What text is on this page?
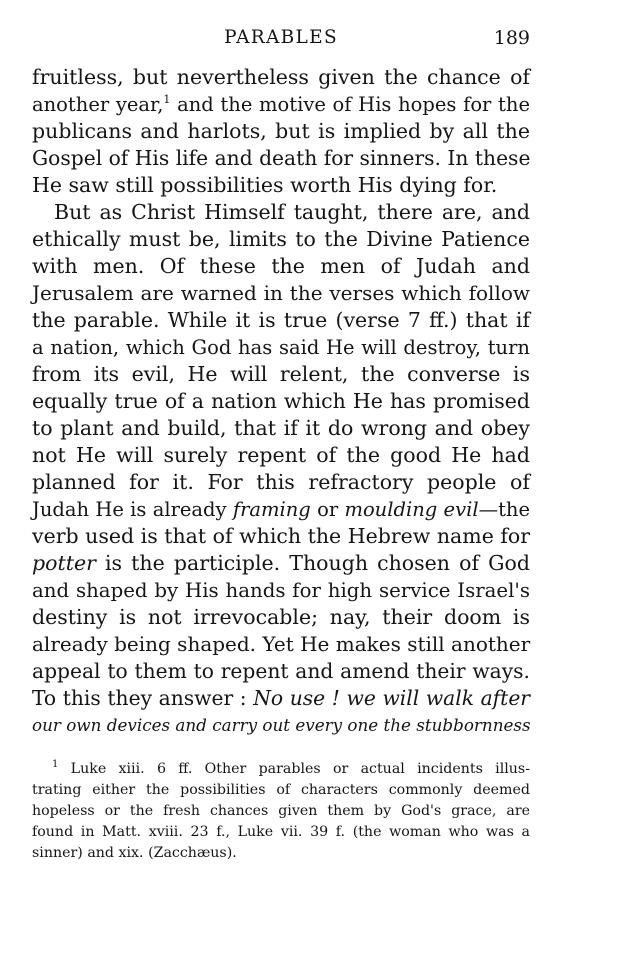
PARABLES	189
fruitless, but nevertheless given the chance of
another year,$^1$ and the motive of His hopes for the
publicans and harlots, but is implied by all the
Gospel of His life and death for sinners. In these
He saw still possibilities worth His dying for.
But as Christ Himself taught, there are, and
ethically must be, limits to the Divine Patience
with men. Of these the men of Judah and
Jerusalem are warned in the verses which follow
the parable. While it is true (verse 7 ff.) that if
a nation, which God has said He will destroy, turn
from its evil, He will relent, the converse is
equally true of a nation which He has promised
to plant and build, that if it do wrong and obey
not He will surely repent of the good He had
planned for it. For this refractory people of
Judah He is already framing or moulding evil—the
verb used is that of which the Hebrew name for
potter is the participle. Though chosen of God
and shaped by His hands for high service Israel's
destiny is not irrevocable; nay, their doom is
already being shaped. Yet He makes still another
appeal to them to repent and amend their ways.
To this they answer : No use ! we will walk after
our own devices and carry out every one the stubbornness
$^1$ Luke xiii. 6 ff. Other parables or actual incidents illus-
trating either the possibilities of characters commonly deemed
hopeless or the fresh chances given them by God's grace, are
found in Matt. xviii. 23 f., Luke vii. 39 f. (the woman who was a
sinner) and xix. (Zacchæus).
